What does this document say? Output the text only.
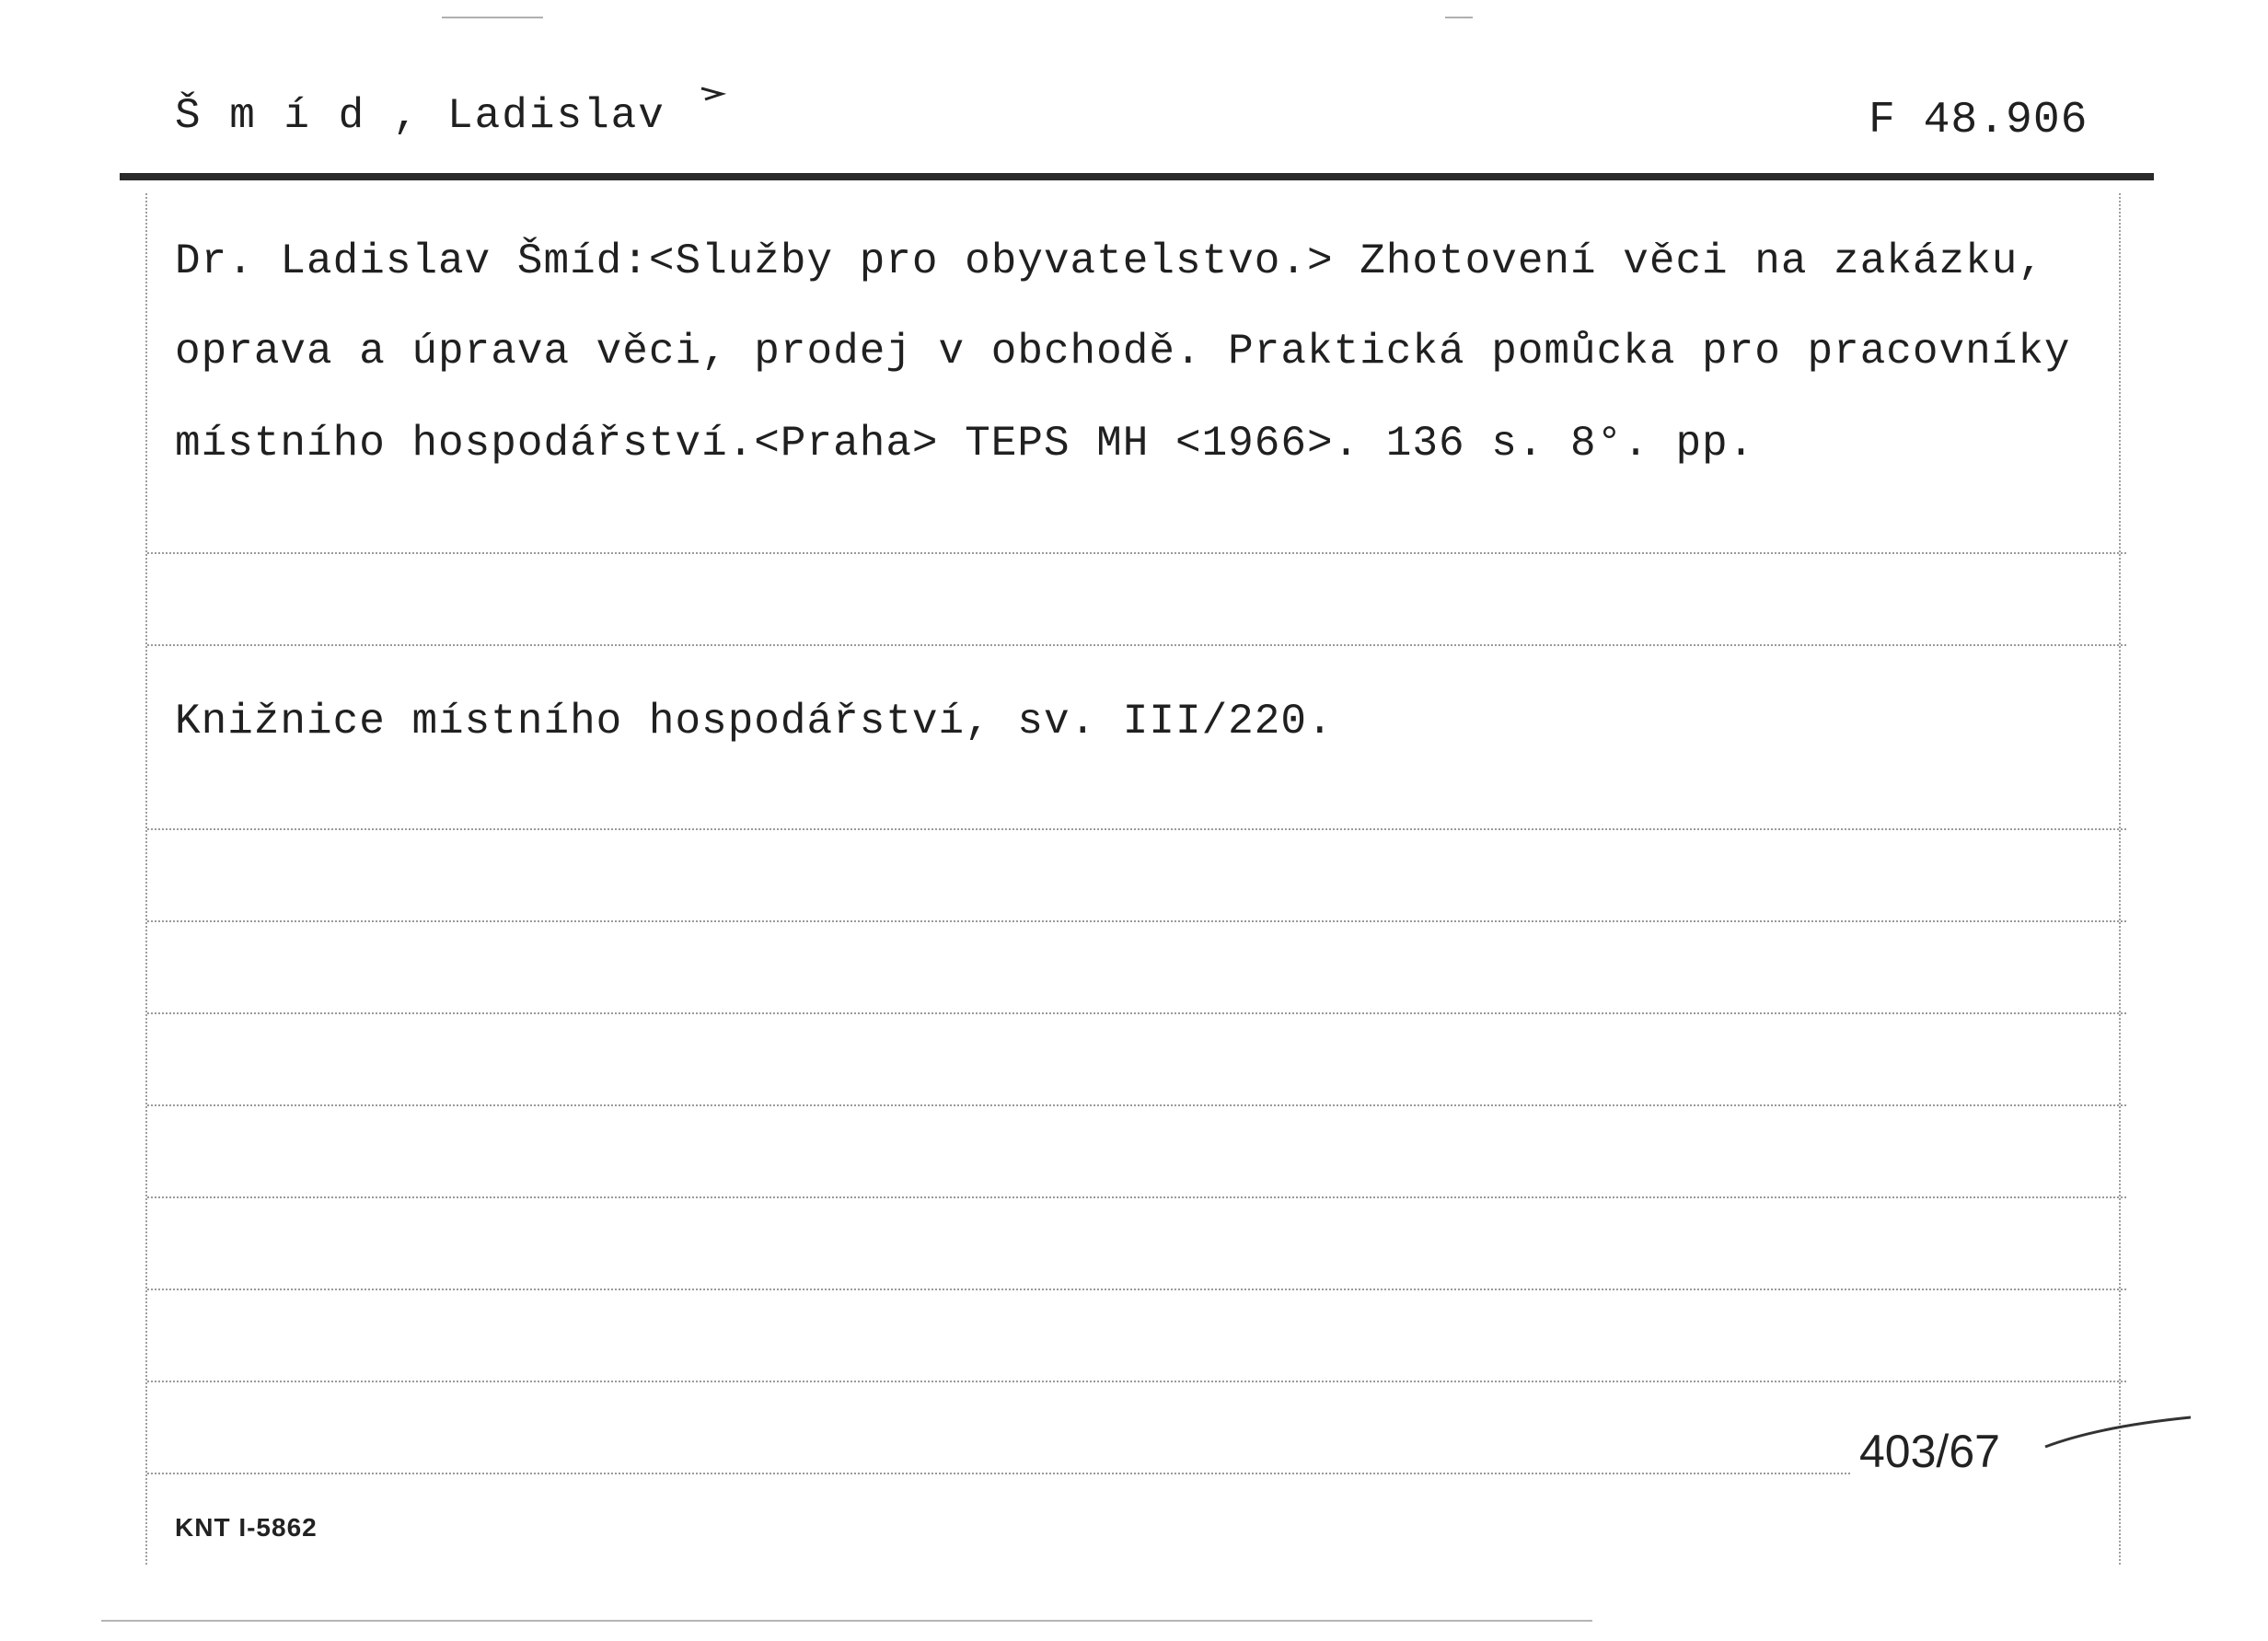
Š m í d , Ladislav	F 48.906
Dr. Ladislav Šmíd:<Služby pro obyvatelstvo.> Zhotovení věci na zakázku,
oprava a úprava věci, prodej v obchodě. Praktická pomůcka pro pracovníky
místního hospodářství.<Praha> TEPS MH <1966>. 136 s. 8°. pp.
Knižnice místního hospodářství, sv. III/220.
403/67
KNT I-5862
